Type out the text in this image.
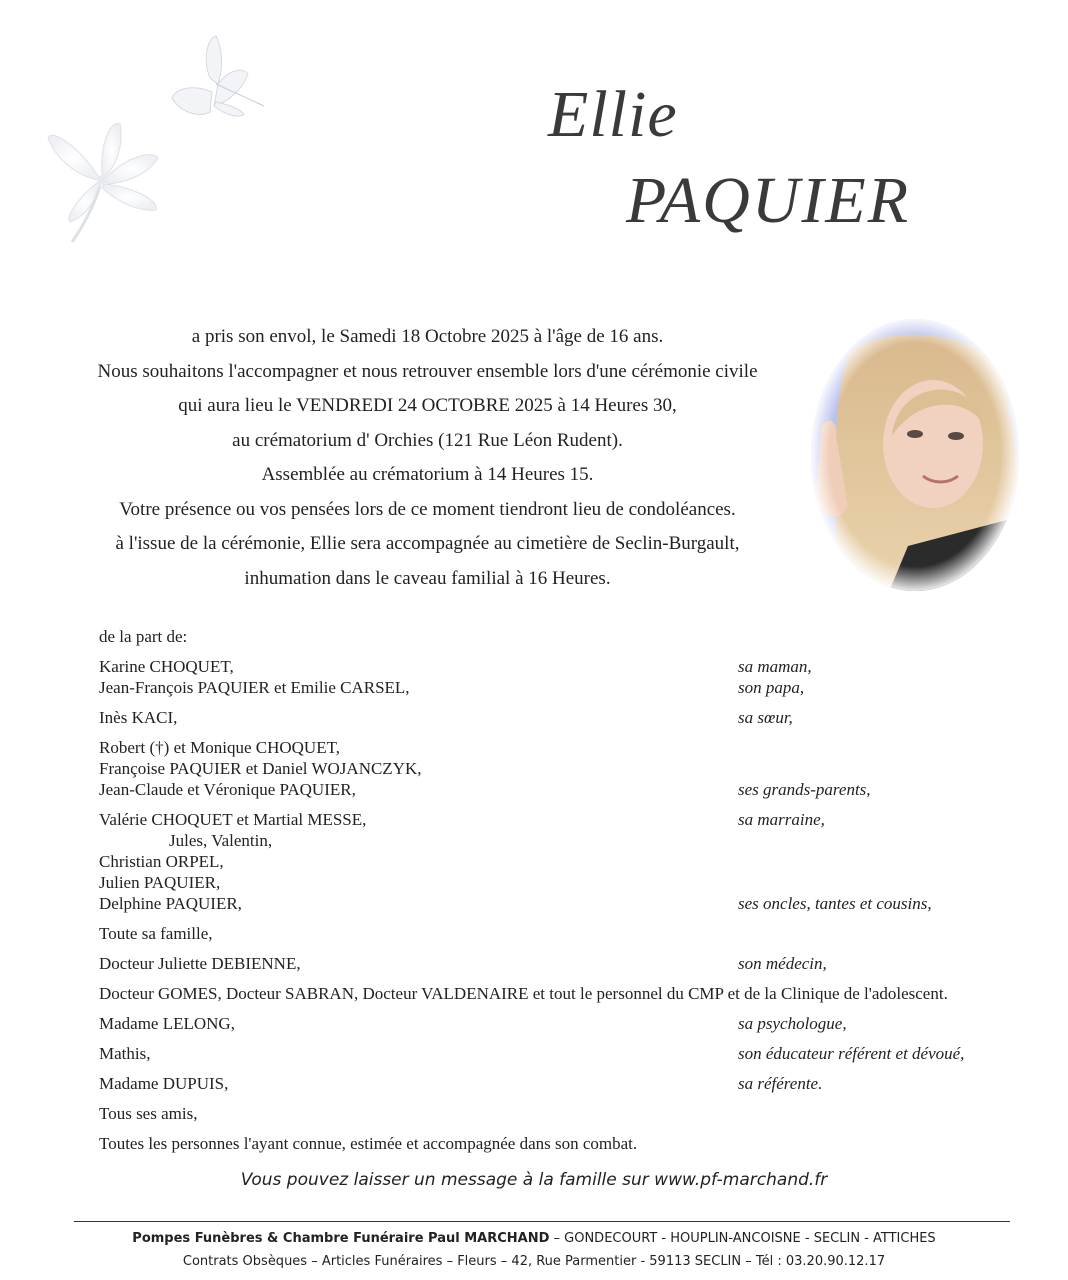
Ellie
PAQUIER
a pris son envol, le Samedi 18 Octobre 2025 à l'âge de 16 ans.
Nous souhaitons l'accompagner et nous retrouver ensemble lors d'une cérémonie civile
qui aura lieu le VENDREDI 24 OCTOBRE 2025 à 14 Heures 30,
au crématorium d' Orchies (121 Rue Léon Rudent).
Assemblée au crématorium à 14 Heures 15.
Votre présence ou vos pensées lors de ce moment tiendront lieu de condoléances.
à l'issue de la cérémonie, Ellie sera accompagnée au cimetière de Seclin-Burgault,
inhumation dans le caveau familial à 16 Heures.
de la part de:
Karine CHOQUET,	sa maman,
Jean-François PAQUIER et Emilie CARSEL,	son papa,
Inès KACI,	sa sœur,
Robert (†) et Monique CHOQUET,
Françoise PAQUIER et Daniel WOJANCZYK,
Jean-Claude et Véronique PAQUIER,	ses grands-parents,
Valérie CHOQUET et Martial MESSE,	sa marraine,
Jules, Valentin,
Christian ORPEL,
Julien PAQUIER,
Delphine PAQUIER,	ses oncles, tantes et cousins,
Toute sa famille,
Docteur Juliette DEBIENNE,	son médecin,
Docteur GOMES, Docteur SABRAN, Docteur VALDENAIRE et tout le personnel du CMP et de la Clinique de l'adolescent.
Madame LELONG,	sa psychologue,
Mathis,	son éducateur référent et dévoué,
Madame DUPUIS,	sa référente.
Tous ses amis,
Toutes les personnes l'ayant connue, estimée et accompagnée dans son combat.
Vous pouvez laisser un message à la famille sur www.pf-marchand.fr
Pompes Funèbres & Chambre Funéraire Paul MARCHAND – GONDECOURT - HOUPLIN-ANCOISNE - SECLIN - ATTICHES
Contrats Obsèques – Articles Funéraires – Fleurs – 42, Rue Parmentier - 59113 SECLIN – Tél : 03.20.90.12.17
